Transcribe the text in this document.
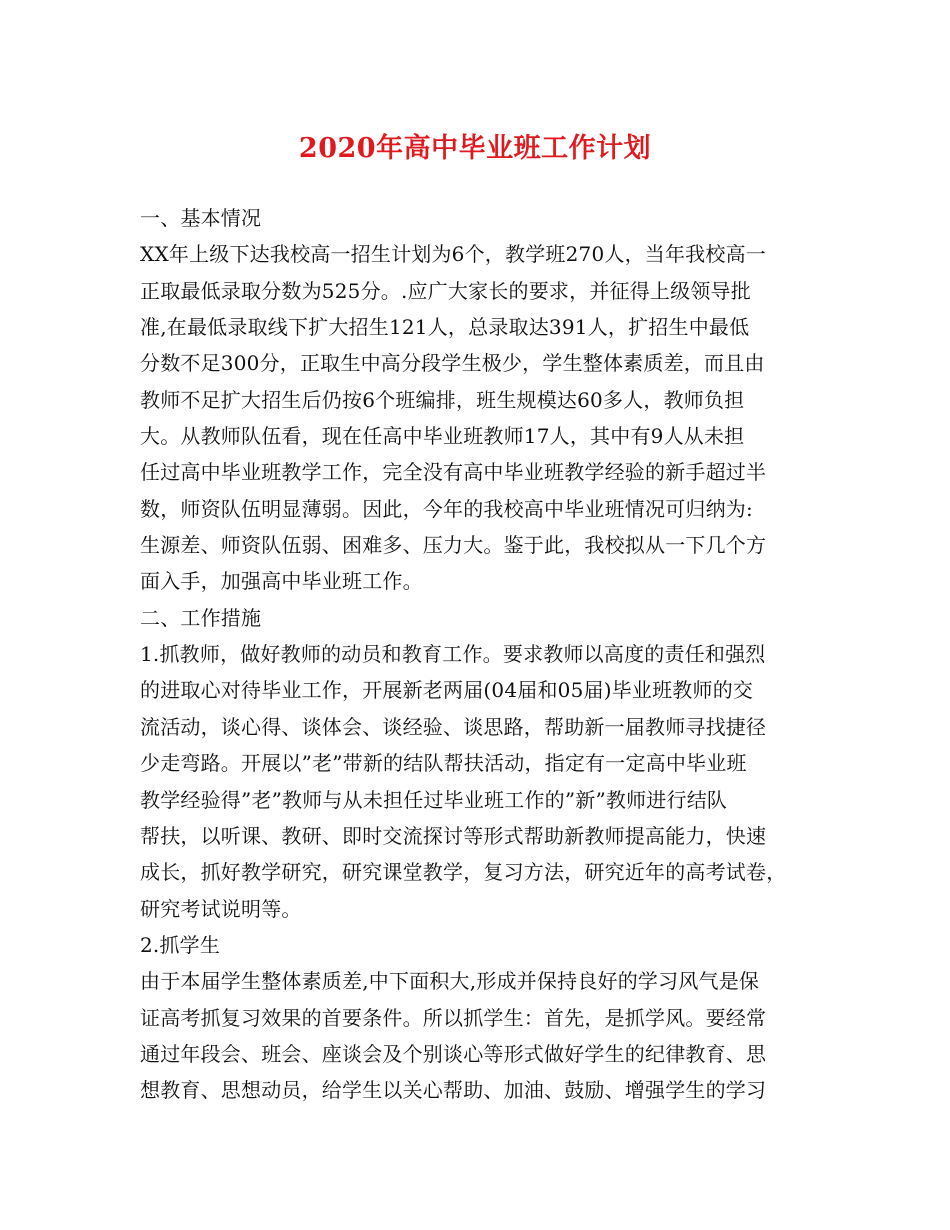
2020年高中毕业班工作计划
一、基本情况
XX年上级下达我校高一招生计划为6个，教学班270人，当年我校高一
正取最低录取分数为525分。.应广大家长的要求，并征得上级领导批
准,在最低录取线下扩大招生121人，总录取达391人，扩招生中最低
分数不足300分，正取生中高分段学生极少，学生整体素质差，而且由
教师不足扩大招生后仍按6个班编排，班生规模达60多人，教师负担
大。从教师队伍看，现在任高中毕业班教师17人，其中有9人从未担
任过高中毕业班教学工作，完全没有高中毕业班教学经验的新手超过半
数，师资队伍明显薄弱。因此，今年的我校高中毕业班情况可归纳为:
生源差、师资队伍弱、困难多、压力大。鉴于此，我校拟从一下几个方
面入手，加强高中毕业班工作。
二、工作措施
1.抓教师，做好教师的动员和教育工作。要求教师以高度的责任和强烈
的进取心对待毕业工作，开展新老两届(04届和05届)毕业班教师的交
流活动，谈心得、谈体会、谈经验、谈思路，帮助新一届教师寻找捷径
少走弯路。开展以”老”带新的结队帮扶活动，指定有一定高中毕业班
教学经验得”老”教师与从未担任过毕业班工作的”新”教师进行结队
帮扶，以听课、教研、即时交流探讨等形式帮助新教师提高能力，快速
成长，抓好教学研究，研究课堂教学，复习方法，研究近年的高考试卷，
研究考试说明等。
2.抓学生
由于本届学生整体素质差,中下面积大,形成并保持良好的学习风气是保
证高考抓复习效果的首要条件。所以抓学生：首先，是抓学风。要经常
通过年段会、班会、座谈会及个别谈心等形式做好学生的纪律教育、思
想教育、思想动员，给学生以关心帮助、加油、鼓励、增强学生的学习
